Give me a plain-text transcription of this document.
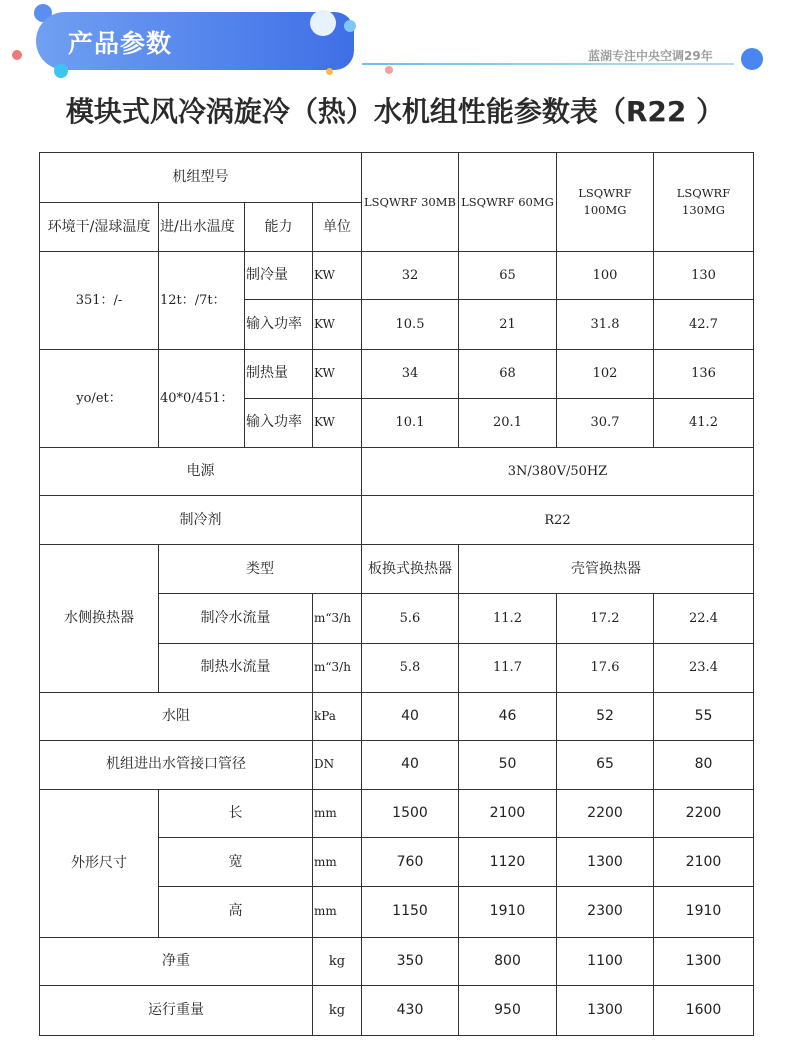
产品参数	蓝湖专注中央空调29年
模块式风冷涡旋冷（热）水机组性能参数表（R22 ）
机组型号				LSQWRF 30MB	LSQWRF 60MG	LSQWRF 100MG	LSQWRF 130MG
环境干/湿球温度	进/出水温度	能力	单位				
351：/-	12t：/7t：	制冷量	KW	32	65	100	130
		输入功率	KW	10.5	21	31.8	42.7
yo/et：	40*0/451：	制热量	KW	34	68	102	136
		输入功率	KW	10.1	20.1	30.7	41.2
电源				3N/380V/50HZ			
制冷剂				R22			
水侧换热器	类型			板换式换热器	壳管换热器		
	制冷水流量		m“3/h	5.6	11.2	17.2	22.4
	制热水流量		m“3/h	5.8	11.7	17.6	23.4
水阻			kPa	40	46	52	55
机组进出水管接口管径			DN	40	50	65	80
外形尺寸	长		mm	1500	2100	2200	2200
	宽		mm	760	1120	1300	2100
	高		mm	1150	1910	2300	1910
净重			kg	350	800	1100	1300
运行重量			kg	430	950	1300	1600
